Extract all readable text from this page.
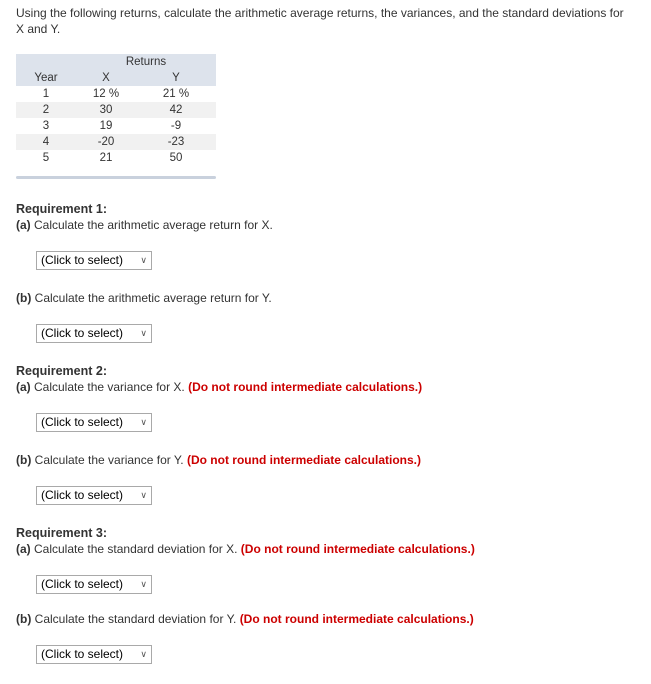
Using the following returns, calculate the arithmetic average returns, the variances, and the standard deviations for X and Y.
	Returns	
Year	X	Y
1	12 %	21 %
2	30	42
3	19	-9
4	-20	-23
5	21	50
Requirement 1:
(a) Calculate the arithmetic average return for X.
(Click to select) ∨
(b) Calculate the arithmetic average return for Y.
(Click to select) ∨
Requirement 2:
(a) Calculate the variance for X. (Do not round intermediate calculations.)
(Click to select) ∨
(b) Calculate the variance for Y. (Do not round intermediate calculations.)
(Click to select) ∨
Requirement 3:
(a) Calculate the standard deviation for X. (Do not round intermediate calculations.)
(Click to select) ∨
(b) Calculate the standard deviation for Y. (Do not round intermediate calculations.)
(Click to select) ∨
